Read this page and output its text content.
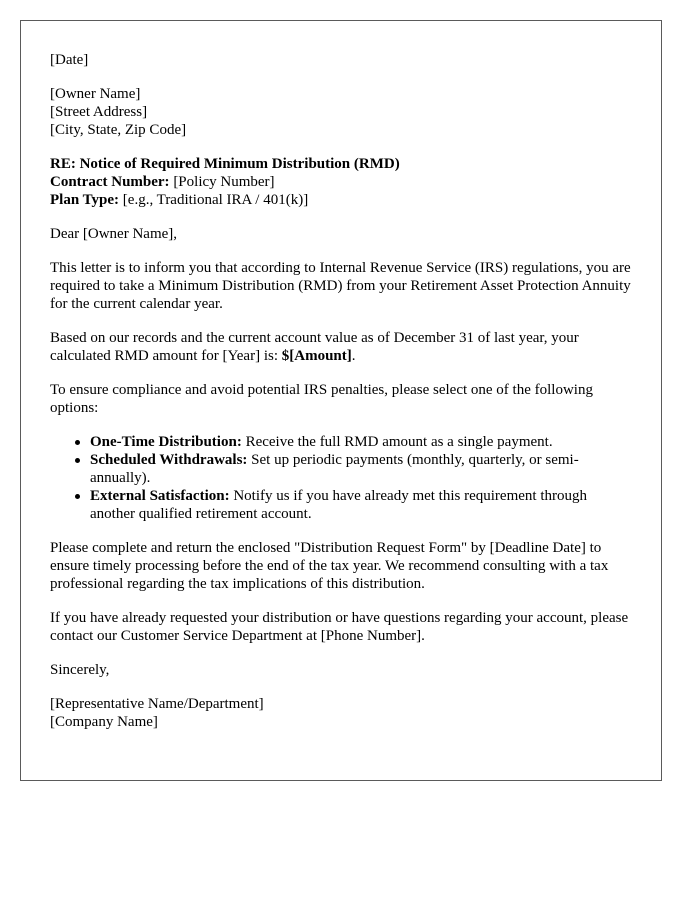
[Date]

[Owner Name]
[Street Address]
[City, State, Zip Code]
RE: Notice of Required Minimum Distribution (RMD)
Contract Number: [Policy Number]
Plan Type: [e.g., Traditional IRA / 401(k)]

Dear [Owner Name],

This letter is to inform you that according to Internal Revenue Service (IRS) regulations, you are required to take a Minimum Distribution (RMD) from your Retirement Asset Protection Annuity for the current calendar year.

Based on our records and the current account value as of December 31 of last year, your calculated RMD amount for [Year] is: $[Amount].

To ensure compliance and avoid potential IRS penalties, please select one of the following options:

One-Time Distribution: Receive the full RMD amount as a single payment.
Scheduled Withdrawals: Set up periodic payments (monthly, quarterly, or semi-annually).
External Satisfaction: Notify us if you have already met this requirement through another qualified retirement account.

Please complete and return the enclosed "Distribution Request Form" by [Deadline Date] to ensure timely processing before the end of the tax year. We recommend consulting with a tax professional regarding the tax implications of this distribution.

If you have already requested your distribution or have questions regarding your account, please contact our Customer Service Department at [Phone Number].

Sincerely,

[Representative Name/Department]
[Company Name]
